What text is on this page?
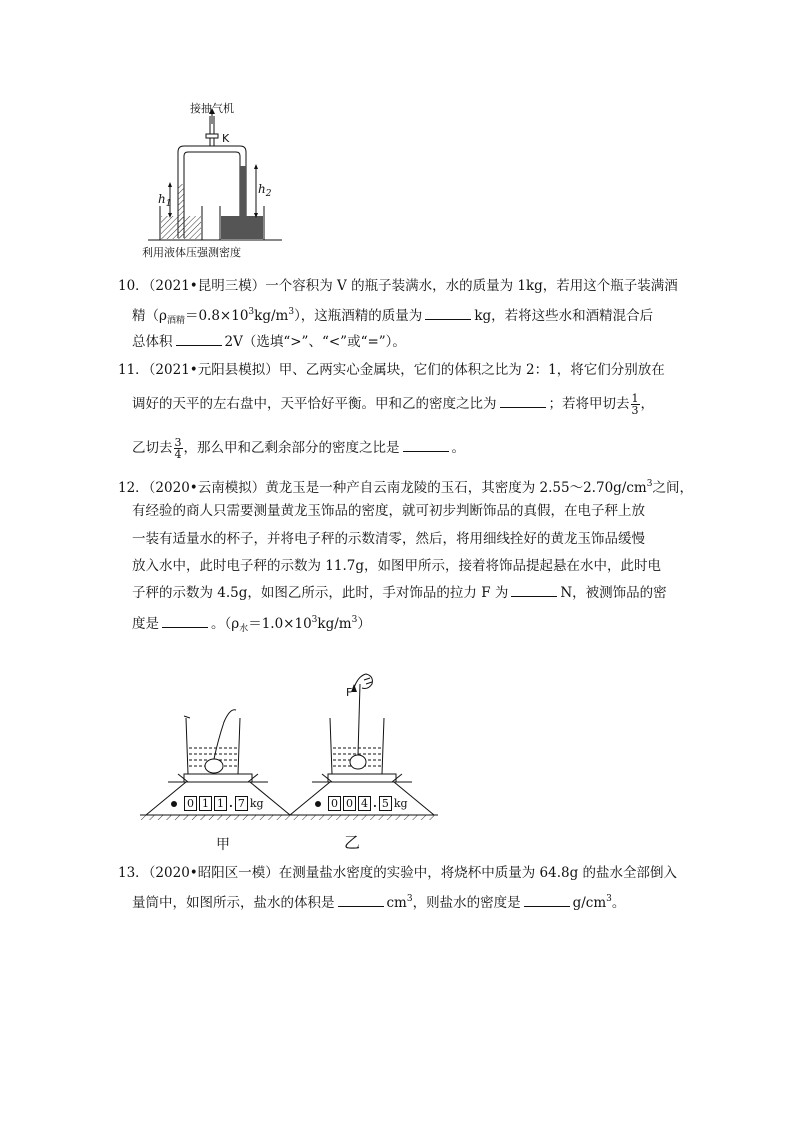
接抽气机
K
$h_1$
$h_2$
利用液体压强测密度
10．（2021•昆明三模）一个容积为 V 的瓶子装满水，水的质量为 1kg，若用这个瓶子装满酒
精$(\rho_{酒精}=0.8\times 10^3kg/m^3)$，这瓶酒精的质量为	kg，若将这些水和酒精混合后
总体积	2V（选填“>”、“<”或“=”）。
11．（2021•元阳县模拟）甲、乙两实心金属块，它们的体积之比为 2：1，将它们分别放在
调好的天平的左右盘中，天平恰好平衡。甲和乙的密度之比为	；若将甲切去 $\frac{1}{3}$ ，
乙切去 $\frac{3}{4}$ ，那么甲和乙剩余部分的密度之比是	。
12．（2020•云南模拟）黄龙玉是一种产自云南龙陵的玉石，其密度为 $2.55\sim 2.70g/cm^3$之间，
有经验的商人只需要测量黄龙玉饰品的密度，就可初步判断饰品的真假，在电子秤上放
一装有适量水的杯子，并将电子秤的示数清零，然后，将用细线拴好的黄龙玉饰品缓慢
放入水中，此时电子秤的示数为 11.7g，如图甲所示，接着将饰品提起悬在水中，此时电
子秤的示数为 4.5g，如图乙所示，此时，手对饰品的拉力 F 为	N，被测饰品的密
度是	。$(\rho_水=1.0\times 10^3kg/m^3)$
0 1 1 . 7 kg	0 0 4 . 5 kg
F
甲	乙
13．（2020•昭阳区一模）在测量盐水密度的实验中，将烧杯中质量为 64.8g 的盐水全部倒入
量筒中，如图所示，盐水的体积是	$cm^3$，则盐水的密度是	$g/cm^3$。
